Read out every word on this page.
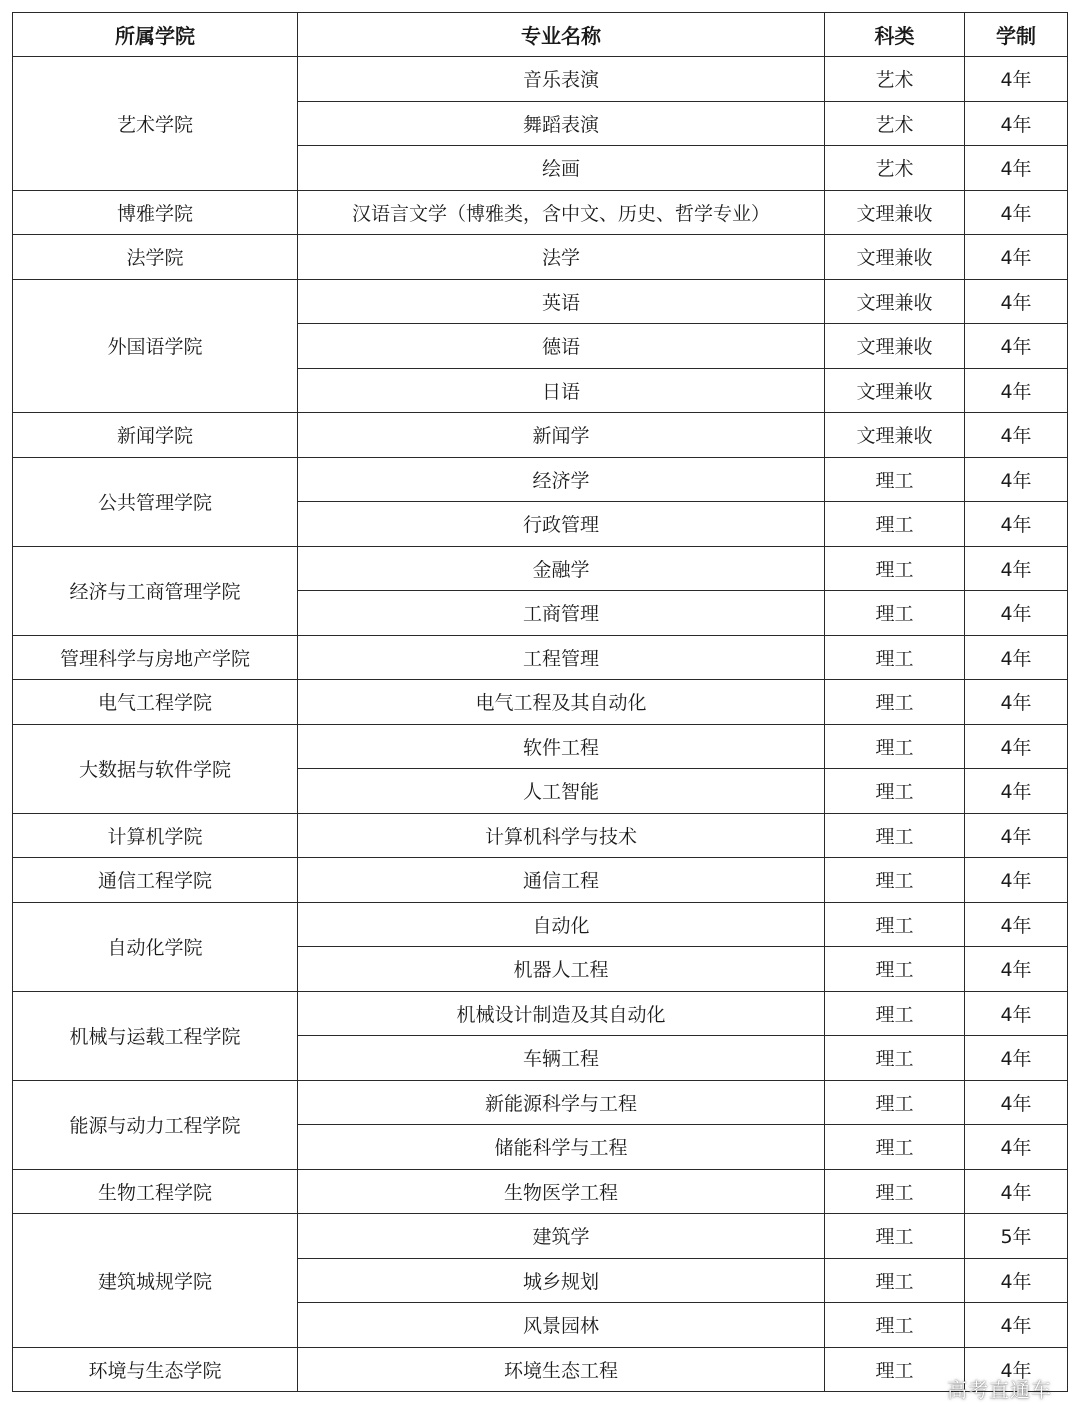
所属学院	专业名称	科类	学制
艺术学院	音乐表演	艺术	4年
	舞蹈表演	艺术	4年
	绘画	艺术	4年
博雅学院	汉语言文学（博雅类，含中文、历史、哲学专业）	文理兼收	4年
法学院	法学	文理兼收	4年
外国语学院	英语	文理兼收	4年
	德语	文理兼收	4年
	日语	文理兼收	4年
新闻学院	新闻学	文理兼收	4年
公共管理学院	经济学	理工	4年
	行政管理	理工	4年
经济与工商管理学院	金融学	理工	4年
	工商管理	理工	4年
管理科学与房地产学院	工程管理	理工	4年
电气工程学院	电气工程及其自动化	理工	4年
大数据与软件学院	软件工程	理工	4年
	人工智能	理工	4年
计算机学院	计算机科学与技术	理工	4年
通信工程学院	通信工程	理工	4年
自动化学院	自动化	理工	4年
	机器人工程	理工	4年
机械与运载工程学院	机械设计制造及其自动化	理工	4年
	车辆工程	理工	4年
能源与动力工程学院	新能源科学与工程	理工	4年
	储能科学与工程	理工	4年
生物工程学院	生物医学工程	理工	4年
建筑城规学院	建筑学	理工	5年
	城乡规划	理工	4年
	风景园林	理工	4年
环境与生态学院	环境生态工程	理工	4年
高考直通车
